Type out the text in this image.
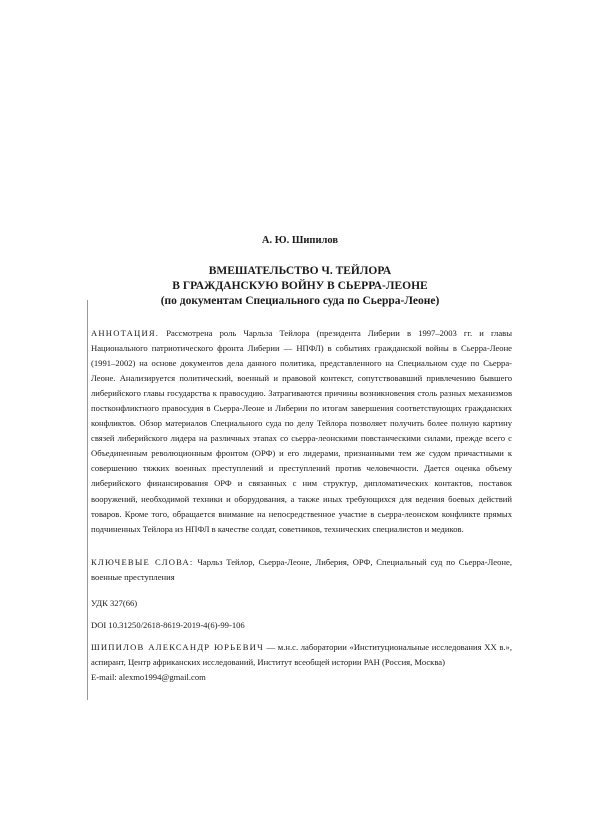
А. Ю. Шипилов
ВМЕШАТЕЛЬСТВО Ч. ТЕЙЛОРА
В ГРАЖДАНСКУЮ ВОЙНУ В СЬЕРРА-ЛЕОНЕ
(по документам Специального суда по Сьерра-Леоне)
АННОТАЦИЯ. Рассмотрена роль Чарльза Тейлора (президента Либерии в 1997–2003 гг. и главы Национального патриотического фронта Либерии — НПФЛ) в событиях гражданской войны в Сьерра-Леоне (1991–2002) на основе документов дела данного политика, представленного на Специальном суде по Сьерра-Леоне. Анализируется политический, военный и правовой контекст, сопутствовавший привлечению бывшего либерийского главы государства к правосудию. Затрагиваются причины возникновения столь разных механизмов постконфликтного правосудия в Сьерра-Леоне и Либерии по итогам завершения соответствующих гражданских конфликтов. Обзор материалов Специального суда по делу Тейлора позволяет получить более полную картину связей либерийского лидера на различных этапах со сьерра-леонскими повстанческими силами, прежде всего с Объединенным революционным фронтом (ОРФ) и его лидерами, признанными тем же судом причастными к совершению тяжких военных преступлений и преступлений против человечности. Дается оценка объему либерийского финансирования ОРФ и связанных с ним структур, дипломатических контактов, поставок вооружений, необходимой техники и оборудования, а также иных требующихся для ведения боевых действий товаров. Кроме того, обращается внимание на непосредственное участие в сьерра-леонском конфликте прямых подчиненных Тейлора из НПФЛ в качестве солдат, советников, технических специалистов и медиков.
КЛЮЧЕВЫЕ СЛОВА: Чарльз Тейлор, Сьерра-Леоне, Либерия, ОРФ, Специальный суд по Сьерра-Леоне, военные преступления
УДК 327(66)
DOI 10.31250/2618-8619-2019-4(6)-99-106
ШИПИЛОВ АЛЕКСАНДР ЮРЬЕВИЧ — м.н.с. лаборатории «Институциональные исследования XX в.», аспирант, Центр африканских исследований, Институт всеобщей истории РАН (Россия, Москва)
E-mail: alexmo1994@gmail.com
